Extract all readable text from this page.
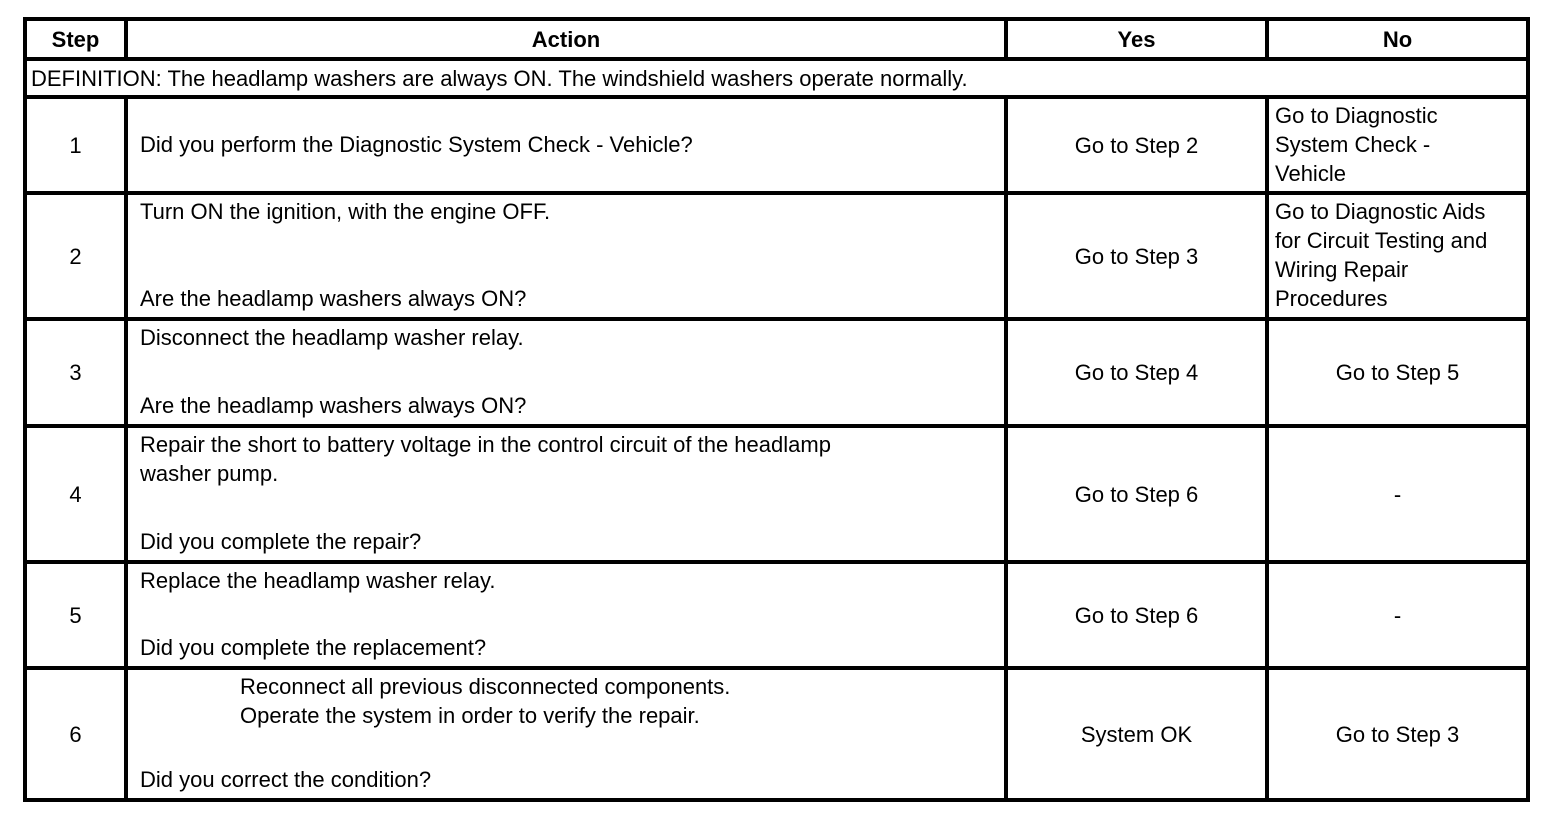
Step	Action	Yes	No
DEFINITION: The headlamp washers are always ON. The windshield washers operate normally.			
1	Did you perform the Diagnostic System Check - Vehicle?	Go to Step 2	Go to Diagnostic
System Check -
Vehicle

2	Turn ON the ignition, with the engine OFF.
Are the headlamp washers always ON?	Go to Step 3	Go to Diagnostic Aids
for Circuit Testing and
Wiring Repair
Procedures

3	Disconnect the headlamp washer relay.
Are the headlamp washers always ON?	Go to Step 4	Go to Step 5
4	Repair the short to battery voltage in the control circuit of the headlamp
washer pump.
Did you complete the repair?	Go to Step 6	-
5	Replace the headlamp washer relay.
Did you complete the replacement?	Go to Step 6	-
6	Reconnect all previous disconnected components.
Operate the system in order to verify the repair.
Did you correct the condition?	System OK	Go to Step 3
